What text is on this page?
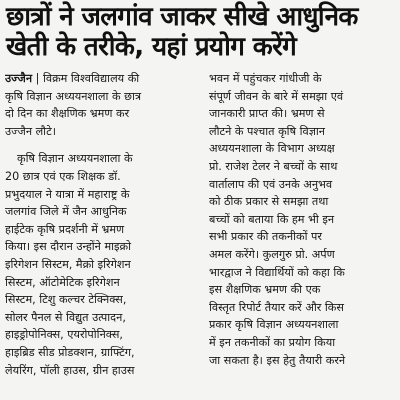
छात्रों ने जलगांव जाकर सीखे आधुनिक
खेती के तरीके, यहां प्रयोग करेंगे
उज्जैन | विक्रम विश्वविद्यालय की
कृषि विज्ञान अध्ययनशाला के छात्र
दो दिन का शैक्षणिक भ्रमण कर
उज्जैन लौटे।
कृषि विज्ञान अध्ययनशाला के
20 छात्र एवं एक शिक्षक डॉ.
प्रभुदयाल ने यात्रा में महाराष्ट्र के
जलगांव जिले में जैन आधुनिक
हाईटेक कृषि प्रदर्शनी में भ्रमण
किया। इस दौरान उन्होंने माइक्रो
इरिगेशन सिस्टम, मैक्रो इरिगेशन
सिस्टम, ऑटोमेटिक इरिगेशन
सिस्टम, टिशु कल्चर टेक्निक्स,
सोलर पैनल से विद्युत उत्पादन,
हाइड्रोपोनिक्स, एयरोपोनिक्स,
हाइब्रिड सीड प्रोडक्शन, ग्राफ्टिंग,
लेयरिंग, पॉली हाउस, ग्रीन हाउस
भवन में पहुंचकर गांधीजी के
संपूर्ण जीवन के बारे में समझा एवं
जानकारी प्राप्त की। भ्रमण से
लौटने के पश्चात कृषि विज्ञान
अध्ययनशाला के विभाग अध्यक्ष
प्रो. राजेश टेलर ने बच्चों के साथ
वार्तालाप की एवं उनके अनुभव
को ठीक प्रकार से समझा तथा
बच्चों को बताया कि हम भी इन
सभी प्रकार की तकनीकों पर
अमल करेंगे। कुलगुरु प्रो. अर्पण
भारद्वाज ने विद्यार्थियों को कहा कि
इस शैक्षणिक भ्रमण की एक
विस्तृत रिपोर्ट तैयार करें और किस
प्रकार कृषि विज्ञान अध्ययनशाला
में इन तकनीकों का प्रयोग किया
जा सकता है। इस हेतु तैयारी करने
